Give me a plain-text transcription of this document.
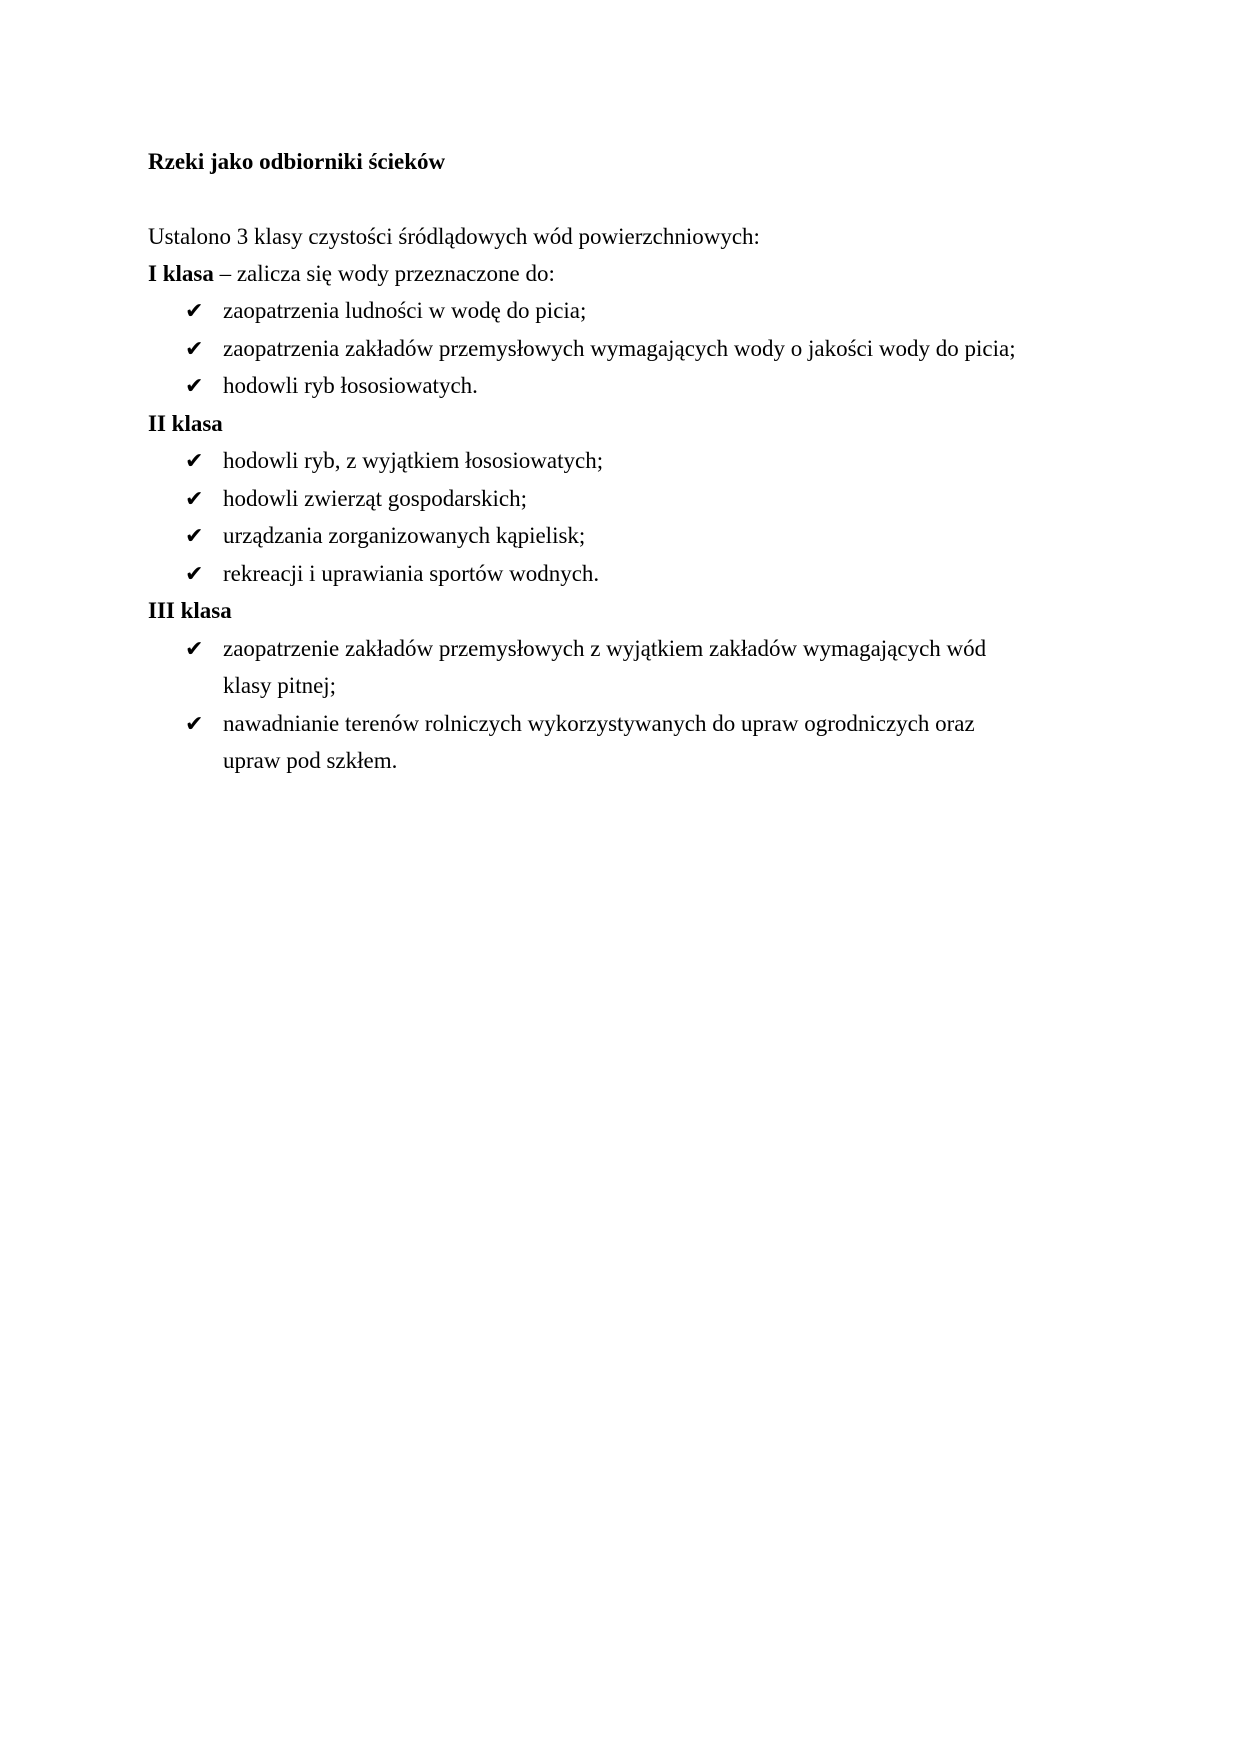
Rzeki jako odbiorniki ścieków
Ustalono 3 klasy czystości śródlądowych wód powierzchniowych:
I klasa – zalicza się wody przeznaczone do:
✔ zaopatrzenia ludności w wodę do picia;
✔ zaopatrzenia zakładów przemysłowych wymagających wody o jakości wody do picia;
✔ hodowli ryb łososiowatych.
II klasa
✔ hodowli ryb, z wyjątkiem łososiowatych;
✔ hodowli zwierząt gospodarskich;
✔ urządzania zorganizowanych kąpielisk;
✔ rekreacji i uprawiania sportów wodnych.
III klasa
✔ zaopatrzenie zakładów przemysłowych z wyjątkiem zakładów wymagających wód
klasy pitnej;
✔ nawadnianie terenów rolniczych wykorzystywanych do upraw ogrodniczych oraz
upraw pod szkłem.
